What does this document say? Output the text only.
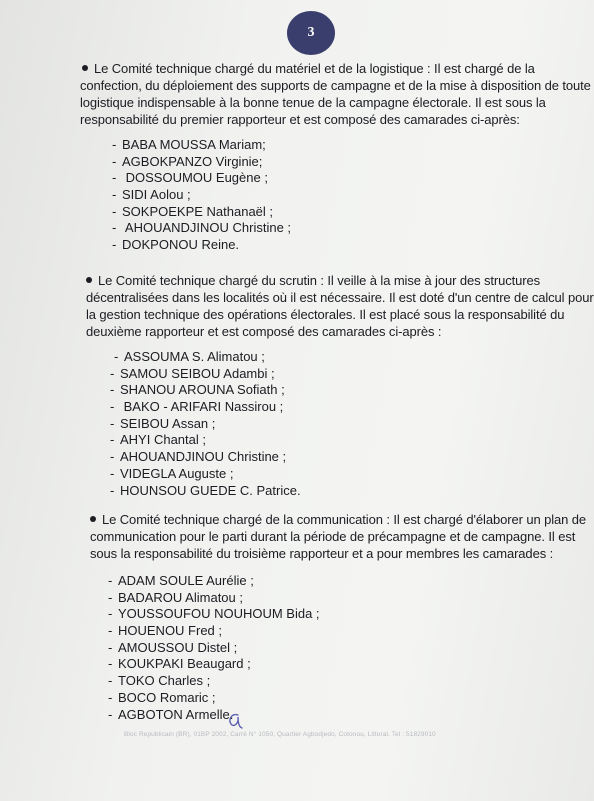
3
Le Comité technique chargé du matériel et de la logistique : Il est chargé de la
confection, du déploiement des supports de campagne et de la mise à disposition de toute
logistique indispensable à la bonne tenue de la campagne électorale. Il est sous la
responsabilité du premier rapporteur et est composé des camarades ci-après:
- BABA MOUSSA Mariam;
- AGBOKPANZO Virginie;
- DOSSOUMOU Eugène ;
- SIDI Aolou ;
- SOKPOEKPE Nathanaël ;
- AHOUANDJINOU Christine ;
- DOKPONOU Reine.
Le Comité technique chargé du scrutin : Il veille à la mise à jour des structures
décentralisées dans les localités où il est nécessaire. Il est doté d'un centre de calcul pour
la gestion technique des opérations électorales. Il est placé sous la responsabilité du
deuxième rapporteur et est composé des camarades ci-après :
- ASSOUMA S. Alimatou ;
- SAMOU SEIBOU Adambi ;
- SHANOU AROUNA Sofiath ;
- BAKO - ARIFARI Nassirou ;
- SEIBOU Assan ;
- AHYI Chantal ;
- AHOUANDJINOU Christine ;
- VIDEGLA Auguste ;
- HOUNSOU GUEDE C. Patrice.
Le Comité technique chargé de la communication : Il est chargé d'élaborer un plan de
communication pour le parti durant la période de précampagne et de campagne. Il est
sous la responsabilité du troisième rapporteur et a pour membres les camarades :
- ADAM SOULE Aurélie ;
- BADAROU Alimatou ;
- YOUSSOUFOU NOUHOUM Bida ;
- HOUENOU Fred ;
- AMOUSSOU Distel ;
- KOUKPAKI Beaugard ;
- TOKO Charles ;
- BOCO Romaric ;
- AGBOTON Armelle.
Bloc Republicain (BR), 01BP 2002, Carré N° 1050, Quartier Agbodjedo, Cotonou, Littoral. Tel : 51829010
